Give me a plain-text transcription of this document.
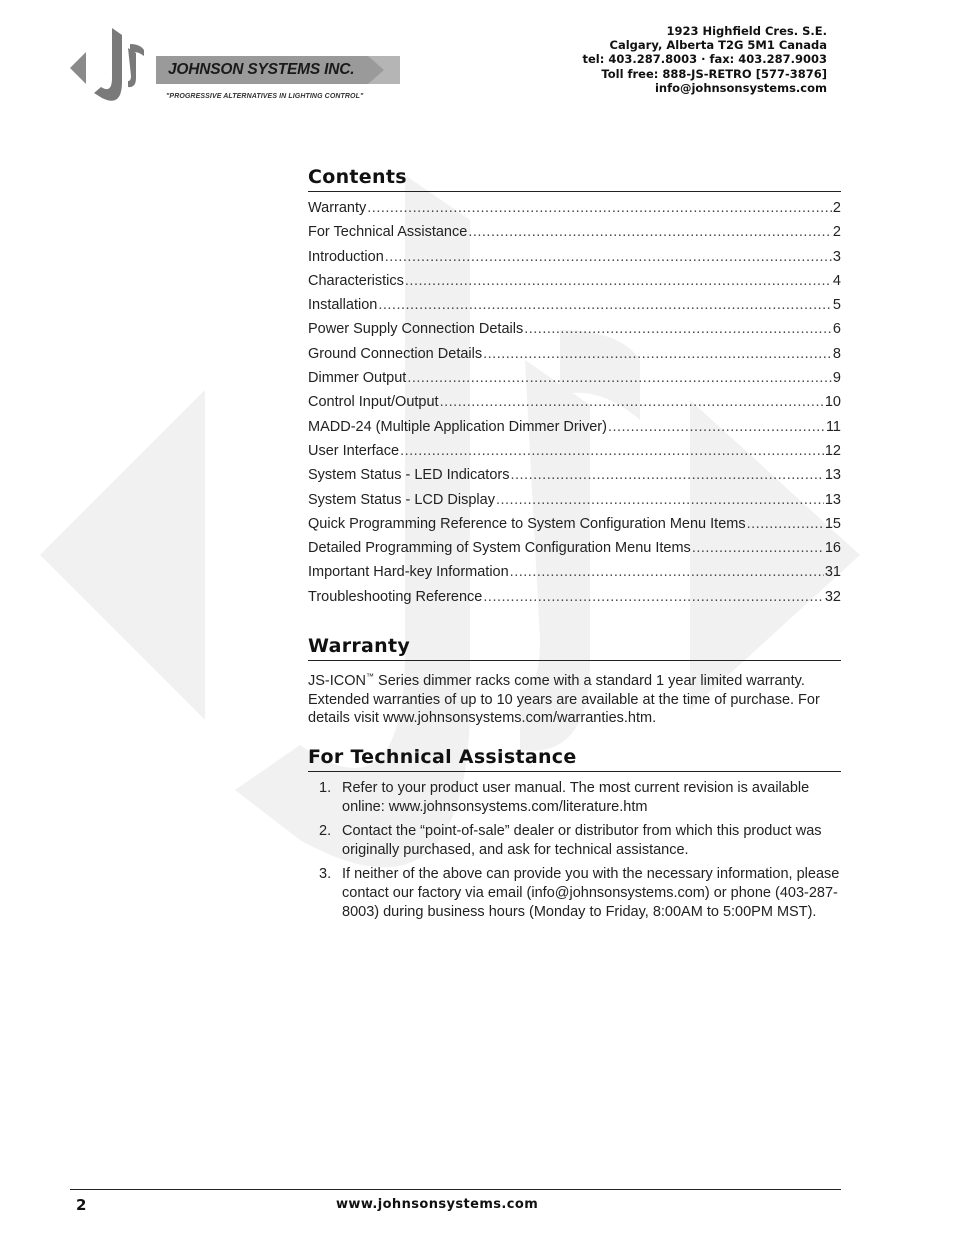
JOHNSON SYSTEMS INC.
"PROGRESSIVE ALTERNATIVES IN LIGHTING CONTROL"
1923 Highfield Cres. S.E.
Calgary, Alberta T2G 5M1 Canada
tel: 403.287.8003 · fax: 403.287.9003
Toll free: 888-JS-RETRO [577-3876]
info@johnsonsystems.com
Contents
Warranty .....	2
For Technical Assistance .....	2
Introduction .....	3
Characteristics .....	4
Installation .....	5
Power Supply Connection Details .....	6
Ground Connection Details .....	8
Dimmer Output .....	9
Control Input/Output .....	10
MADD-24 (Multiple Application Dimmer Driver) .....	11
User Interface .....	12
System Status - LED Indicators .....	13
System Status - LCD Display .....	13
Quick Programming Reference to System Configuration Menu Items .....	15
Detailed Programming of System Configuration Menu Items .....	16
Important Hard-key Information .....	31
Troubleshooting Reference .....	32
Warranty

JS-ICON™ Series dimmer racks come with a standard 1 year limited warranty. Extended warranties of up to 10 years are available at the time of purchase. For details visit www.johnsonsystems.com/warranties.htm.

For Technical Assistance
1. Refer to your product user manual. The most current revision is available online: www.johnsonsystems.com/literature.htm
2. Contact the “point-of-sale” dealer or distributor from which this product was originally purchased, and ask for technical assistance.
3. If neither of the above can provide you with the necessary information, please contact our factory via email (info@johnsonsystems.com) or phone (403-287-8003) during business hours (Monday to Friday, 8:00AM to 5:00PM MST).
2	www.johnsonsystems.com
